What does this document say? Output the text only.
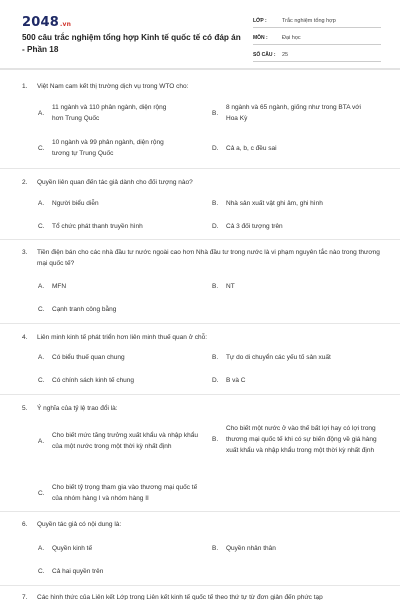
2048.vn
500 câu trắc nghiệm tổng hợp Kinh tế quốc tế có đáp án - Phần 18
LỚP :	Trắc nghiệm tổng hợp
MÔN :	Đại học
SỐ CÂU :	25
1.	Việt Nam cam kết thị trường dịch vụ trong WTO cho:
A.
11 ngành và 110 phân ngành, diện rộng hơn Trung Quốc
B.
8 ngành và 65 ngành, giống như trong BTA với Hoa Kỳ
C.
10 ngành và 99 phân ngành, diện rộng tương tự Trung Quốc
D.	Cả a, b, c đều sai
2.	Quyền liên quan đến tác giả dành cho đối tượng nào?
A.	Người biểu diễn	B.	Nhà sản xuất vật ghi âm, ghi hình
C.	Tổ chức phát thanh truyền hình	D.	Cả 3 đối tượng trên
3.	Tiền điện bán cho các nhà đầu tư nước ngoài cao hơn Nhà đầu tư trong nước là vi phạm nguyên tắc nào trong thương mại quốc tế?
A.	MFN	B.	NT
C.	Cạnh tranh công bằng
4.	Liên minh kinh tế phát triển hơn liên minh thuế quan ở chỗ:
A.	Có biểu thuế quan chung	B.	Tự do di chuyển các yếu tố sản xuất
C.	Có chính sách kinh tế chung	D.	B và C
5.	Ý nghĩa của tỷ lệ trao đổi là:
A.
Cho biết mức tăng trưởng xuất khẩu và nhập khẩu của một nước trong một thời kỳ nhất định
B.
Cho biết một nước ở vào thế bất lợi hay có lợi trong thương mại quốc tế khi có sự biến động về giá hàng xuất khẩu và nhập khẩu trong một thời kỳ nhất định
C.
Cho biết tỷ trọng tham gia vào thương mại quốc tế của nhóm hàng I và nhóm hàng II
6.	Quyền tác giả có nội dung là:
A.	Quyền kinh tế	B.	Quyền nhân thân
C.	Cả hai quyền trên
7.	Các hình thức của Liên kết Lớp trong Liên kết kinh tế quốc tế theo thứ tự từ đơn giản đến phức tạp
